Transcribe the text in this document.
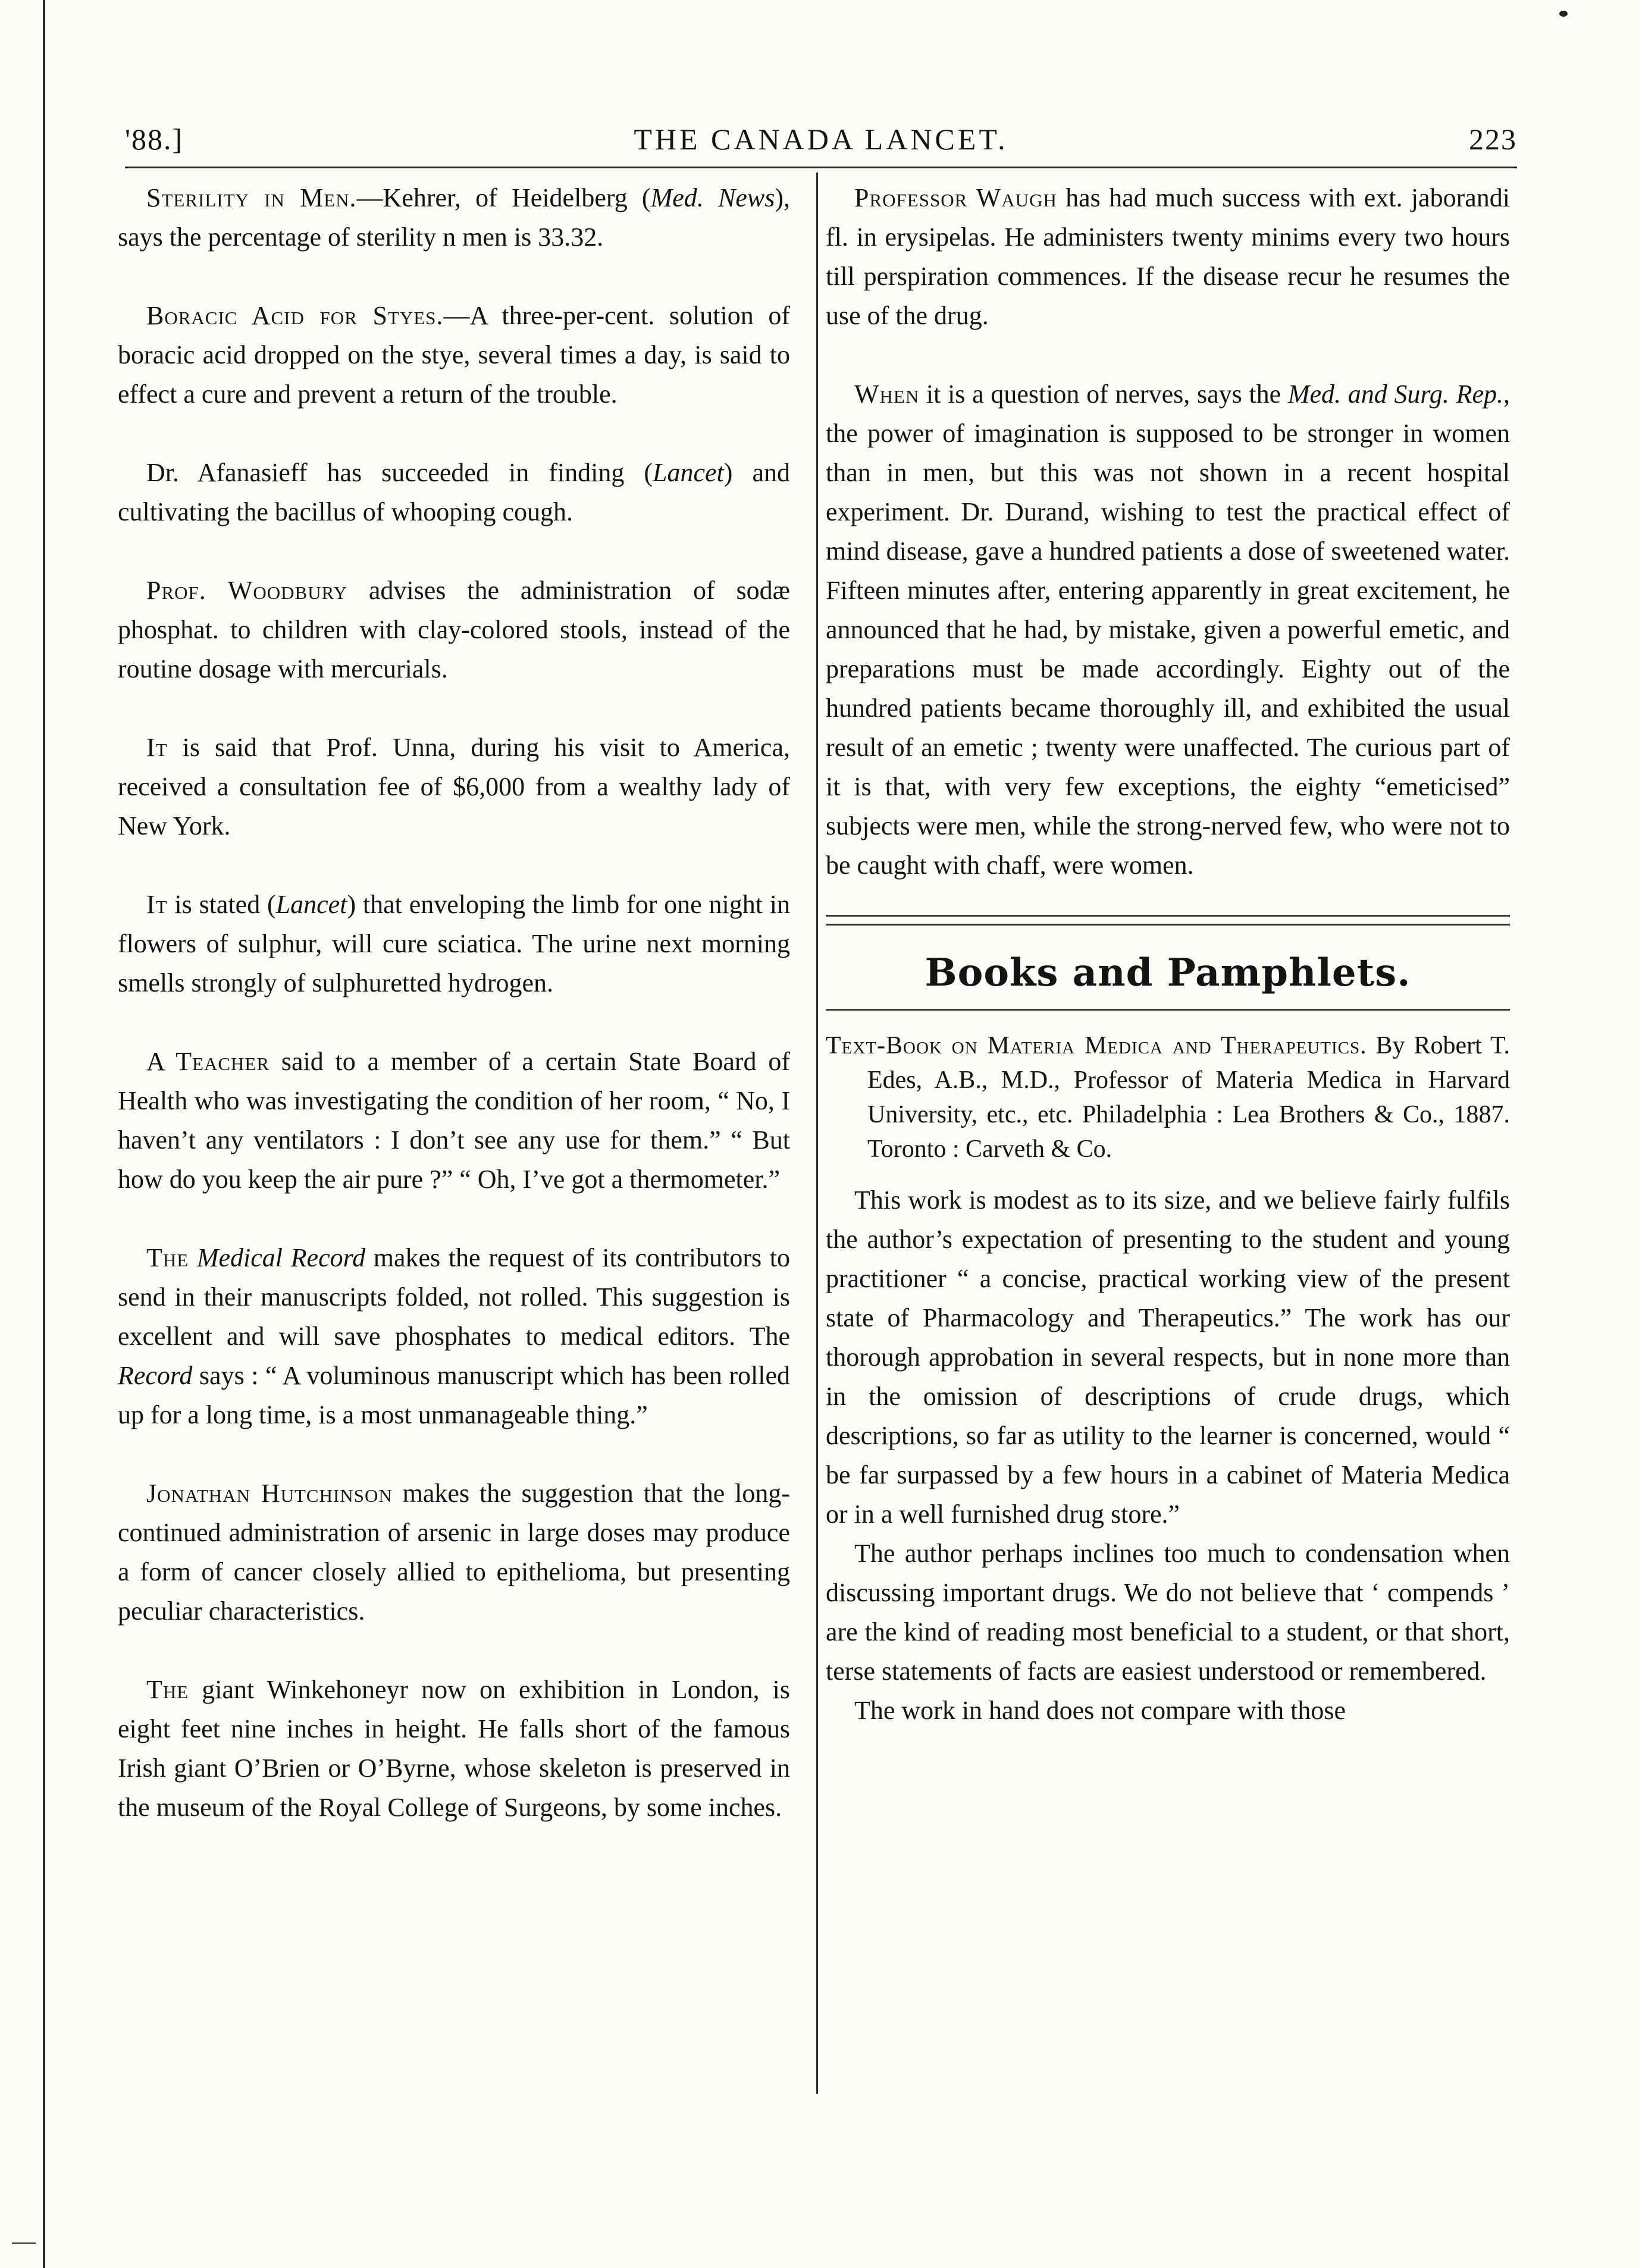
'88.]	THE CANADA LANCET.	223

Sterility in Men.—Kehrer, of Heidelberg (Med. News), says the percentage of sterility n men is 33.32.

Boracic Acid for Styes.—A three-per-cent. solution of boracic acid dropped on the stye, several times a day, is said to effect a cure and prevent a return of the trouble.

Dr. Afanasieff has succeeded in finding (Lancet) and cultivating the bacillus of whooping cough.

Prof. Woodbury advises the administration of sodæ phosphat. to children with clay-colored stools, instead of the routine dosage with mercurials.

It is said that Prof. Unna, during his visit to America, received a consultation fee of $6,000 from a wealthy lady of New York.

It is stated (Lancet) that enveloping the limb for one night in flowers of sulphur, will cure sciatica. The urine next morning smells strongly of sulphuretted hydrogen.

A Teacher said to a member of a certain State Board of Health who was investigating the condition of her room, “ No, I haven’t any ventilators : I don’t see any use for them.” “ But how do you keep the air pure ?” “ Oh, I’ve got a thermometer.”

The Medical Record makes the request of its contributors to send in their manuscripts folded, not rolled. This suggestion is excellent and will save phosphates to medical editors. The Record says : “ A voluminous manuscript which has been rolled up for a long time, is a most unmanageable thing.”

Jonathan Hutchinson makes the suggestion that the long-continued administration of arsenic in large doses may produce a form of cancer closely allied to epithelioma, but presenting peculiar characteristics.

The giant Winkehoneyr now on exhibition in London, is eight feet nine inches in height. He falls short of the famous Irish giant O’Brien or O’Byrne, whose skeleton is preserved in the museum of the Royal College of Surgeons, by some inches.

Professor Waugh has had much success with ext. jaborandi fl. in erysipelas. He administers twenty minims every two hours till perspiration commences. If the disease recur he resumes the use of the drug.

When it is a question of nerves, says the Med. and Surg. Rep., the power of imagination is supposed to be stronger in women than in men, but this was not shown in a recent hospital experiment. Dr. Durand, wishing to test the practical effect of mind disease, gave a hundred patients a dose of sweetened water. Fifteen minutes after, entering apparently in great excitement, he announced that he had, by mistake, given a powerful emetic, and preparations must be made accordingly. Eighty out of the hundred patients became thoroughly ill, and exhibited the usual result of an emetic ; twenty were unaffected. The curious part of it is that, with very few exceptions, the eighty “emeticised” subjects were men, while the strong-nerved few, who were not to be caught with chaff, were women.

Books and Pamphlets.

Text-Book on Materia Medica and Therapeutics. By Robert T. Edes, A.B., M.D., Professor of Materia Medica in Harvard University, etc., etc. Philadelphia : Lea Brothers & Co., 1887. Toronto : Carveth & Co.

This work is modest as to its size, and we believe fairly fulfils the author’s expectation of presenting to the student and young practitioner “ a concise, practical working view of the present state of Pharmacology and Therapeutics.” The work has our thorough approbation in several respects, but in none more than in the omission of descriptions of crude drugs, which descriptions, so far as utility to the learner is concerned, would “ be far surpassed by a few hours in a cabinet of Materia Medica or in a well furnished drug store.”

The author perhaps inclines too much to condensation when discussing important drugs. We do not believe that ‘ compends ’ are the kind of reading most beneficial to a student, or that short, terse statements of facts are easiest understood or remembered.

The work in hand does not compare with those
